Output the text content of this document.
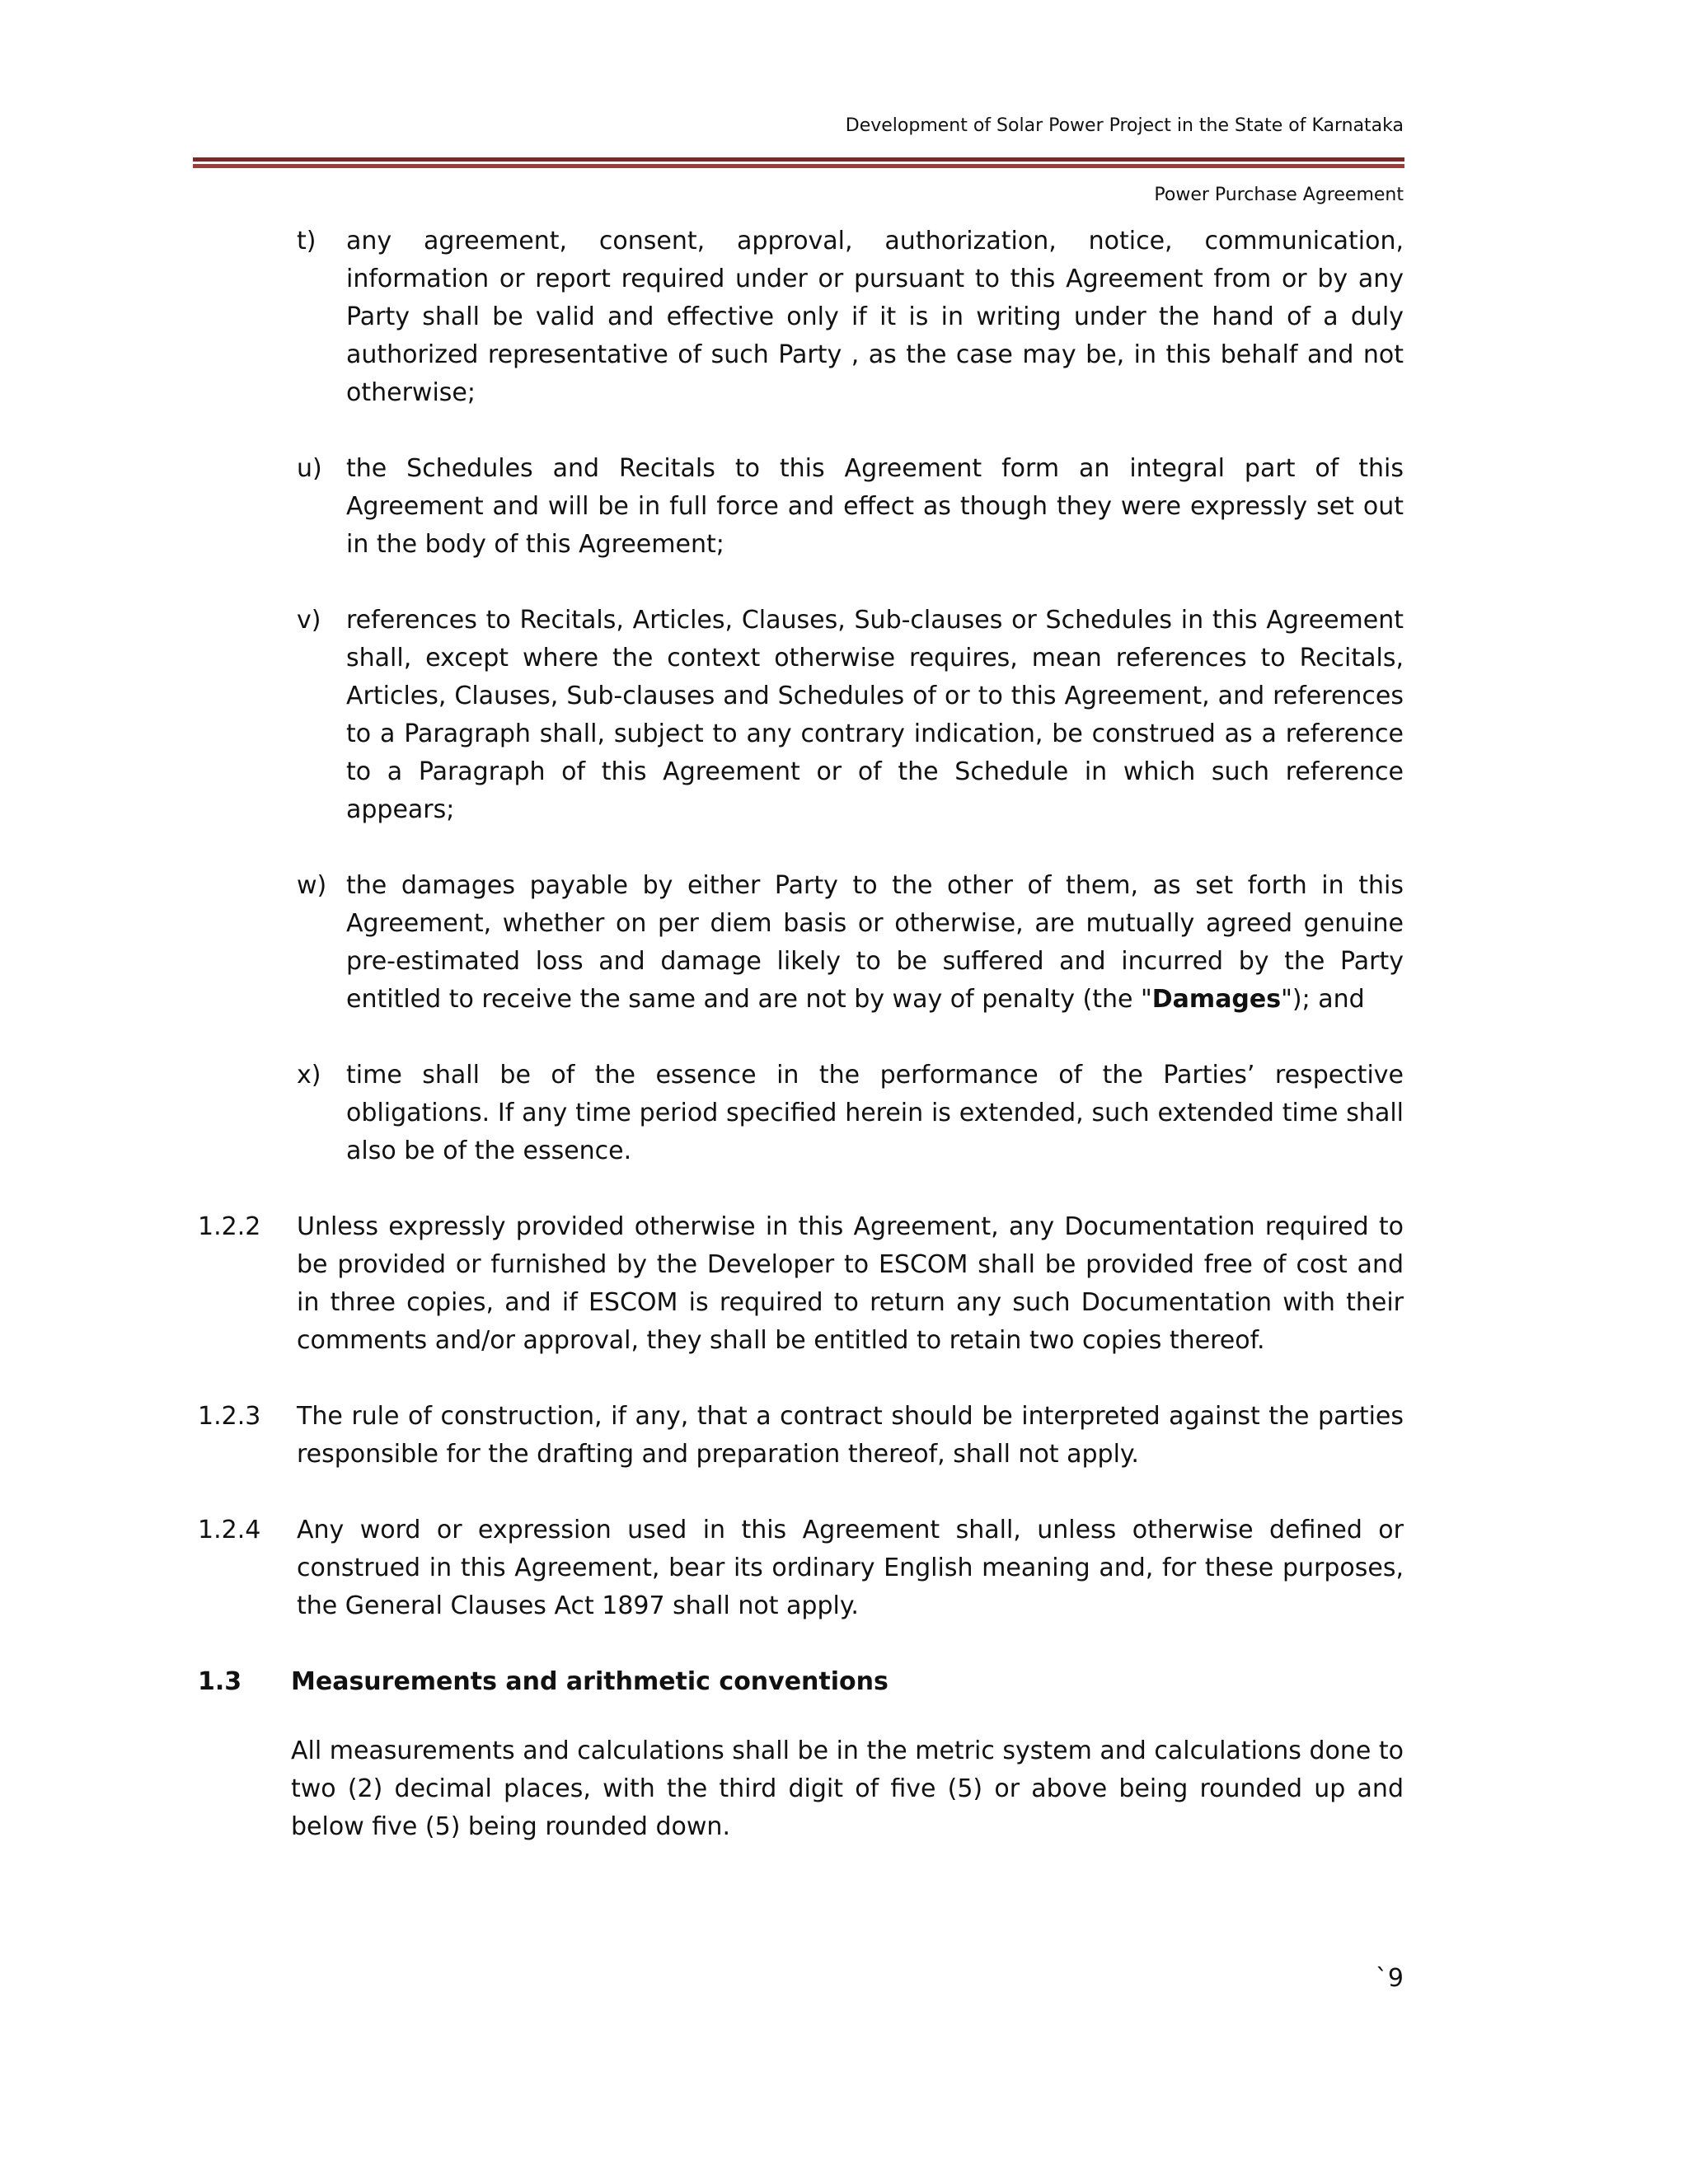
Development of Solar Power Project in the State of Karnataka
Power Purchase Agreement
t) any agreement, consent, approval, authorization, notice, communication, information or report required under or pursuant to this Agreement from or by any Party shall be valid and effective only if it is in writing under the hand of a duly authorized representative of such Party , as the case may be, in this behalf and not otherwise;
u) the Schedules and Recitals to this Agreement form an integral part of this Agreement and will be in full force and effect as though they were expressly set out in the body of this Agreement;
v) references to Recitals, Articles, Clauses, Sub-clauses or Schedules in this Agreement shall, except where the context otherwise requires, mean references to Recitals, Articles, Clauses, Sub-clauses and Schedules of or to this Agreement, and references to a Paragraph shall, subject to any contrary indication, be construed as a reference to a Paragraph of this Agreement or of the Schedule in which such reference appears;
w) the damages payable by either Party to the other of them, as set forth in this Agreement, whether on per diem basis or otherwise, are mutually agreed genuine pre-estimated loss and damage likely to be suffered and incurred by the Party entitled to receive the same and are not by way of penalty (the "Damages"); and
x) time shall be of the essence in the performance of the Parties’ respective obligations. If any time period specified herein is extended, such extended time shall also be of the essence.
1.2.2 Unless expressly provided otherwise in this Agreement, any Documentation required to be provided or furnished by the Developer to ESCOM shall be provided free of cost and in three copies, and if ESCOM is required to return any such Documentation with their comments and/or approval, they shall be entitled to retain two copies thereof.
1.2.3 The rule of construction, if any, that a contract should be interpreted against the parties responsible for the drafting and preparation thereof, shall not apply.
1.2.4 Any word or expression used in this Agreement shall, unless otherwise defined or construed in this Agreement, bear its ordinary English meaning and, for these purposes, the General Clauses Act 1897 shall not apply.
1.3 Measurements and arithmetic conventions
All measurements and calculations shall be in the metric system and calculations done to two (2) decimal places, with the third digit of five (5) or above being rounded up and below five (5) being rounded down.
`9
